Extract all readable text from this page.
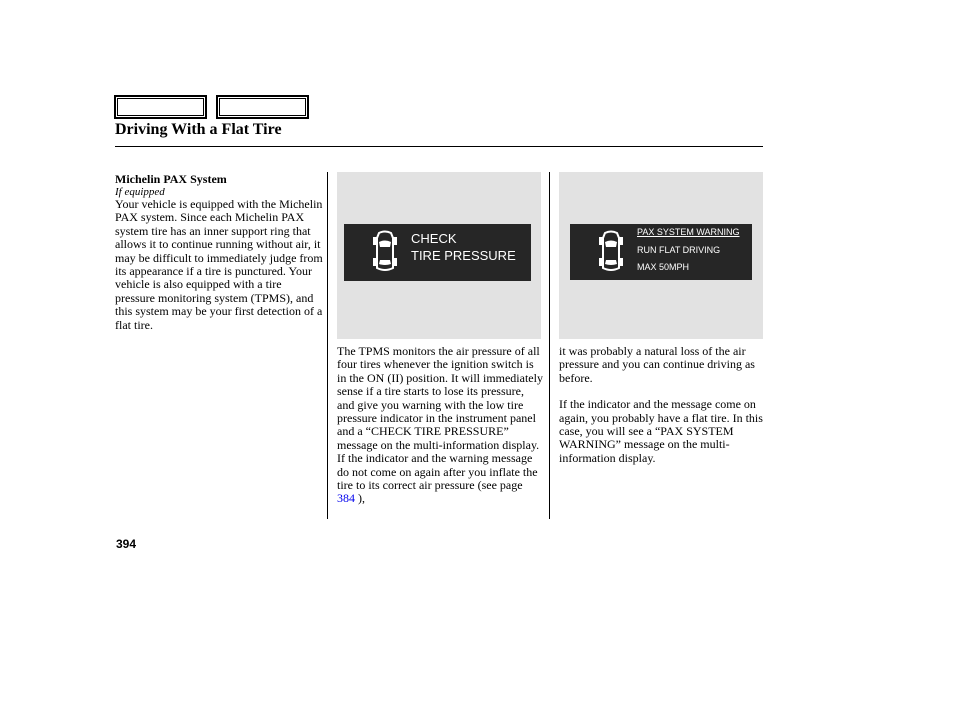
Driving With a Flat Tire

Michelin PAX System

If equipped

Your vehicle is equipped with the Michelin PAX system. Since each Michelin PAX system tire has an inner support ring that allows it to continue running without air, it may be difficult to immediately judge from its appearance if a tire is punctured. Your vehicle is also equipped with a tire pressure monitoring system (TPMS), and this system may be your first detection of a flat tire.

CHECK
TIRE PRESSURE
PAX SYSTEM WARNING
RUN FLAT DRIVING
MAX 50MPH

The TPMS monitors the air pressure of all four tires whenever the ignition switch is in the ON (II) position. It will immediately sense if a tire starts to lose its pressure, and give you warning with the low tire pressure indicator in the instrument panel and a “CHECK TIRE PRESSURE” message on the multi-information display. If the indicator and the warning message do not come on again after you inflate the tire to its correct air pressure (see page 384 ),

it was probably a natural loss of the air pressure and you can continue driving as before.

If the indicator and the message come on again, you probably have a flat tire. In this case, you will see a “PAX SYSTEM WARNING” message on the multi-information display.

394
